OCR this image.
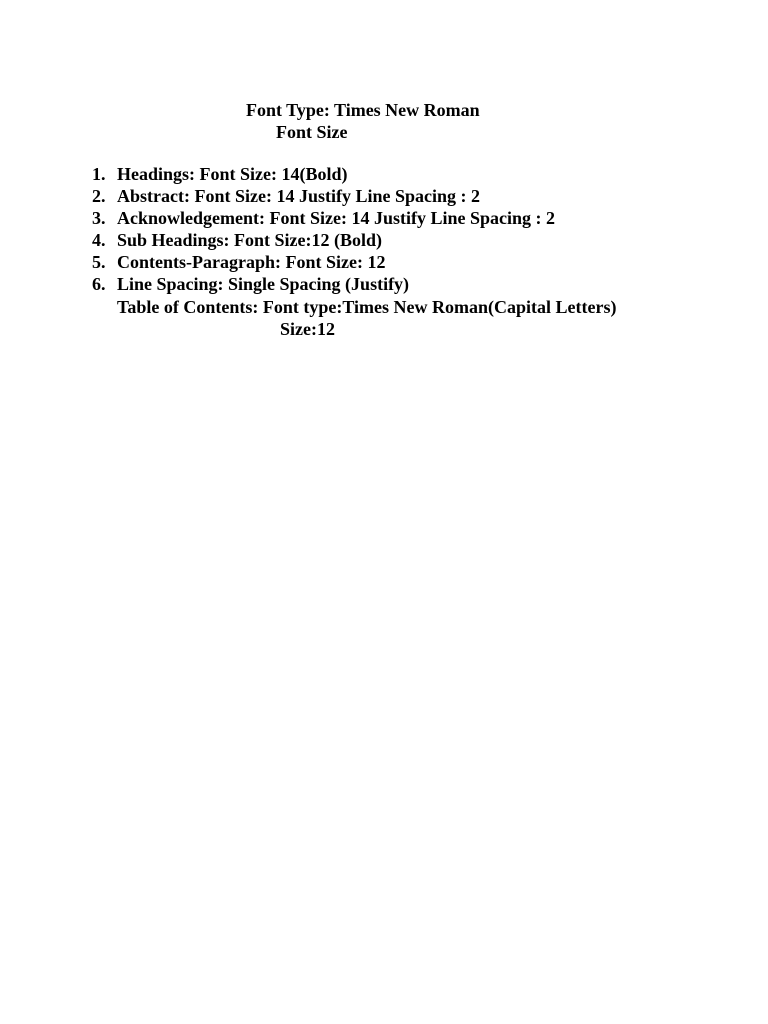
Font Type: Times New Roman
Font Size
1. Headings: Font Size: 14(Bold)
2. Abstract: Font Size: 14 Justify Line Spacing : 2
3. Acknowledgement: Font Size: 14 Justify Line Spacing : 2
4. Sub Headings: Font Size:12 (Bold)
5. Contents-Paragraph: Font Size: 12
6. Line Spacing: Single Spacing (Justify)
Table of Contents: Font type:Times New Roman(Capital Letters)
Size:12
